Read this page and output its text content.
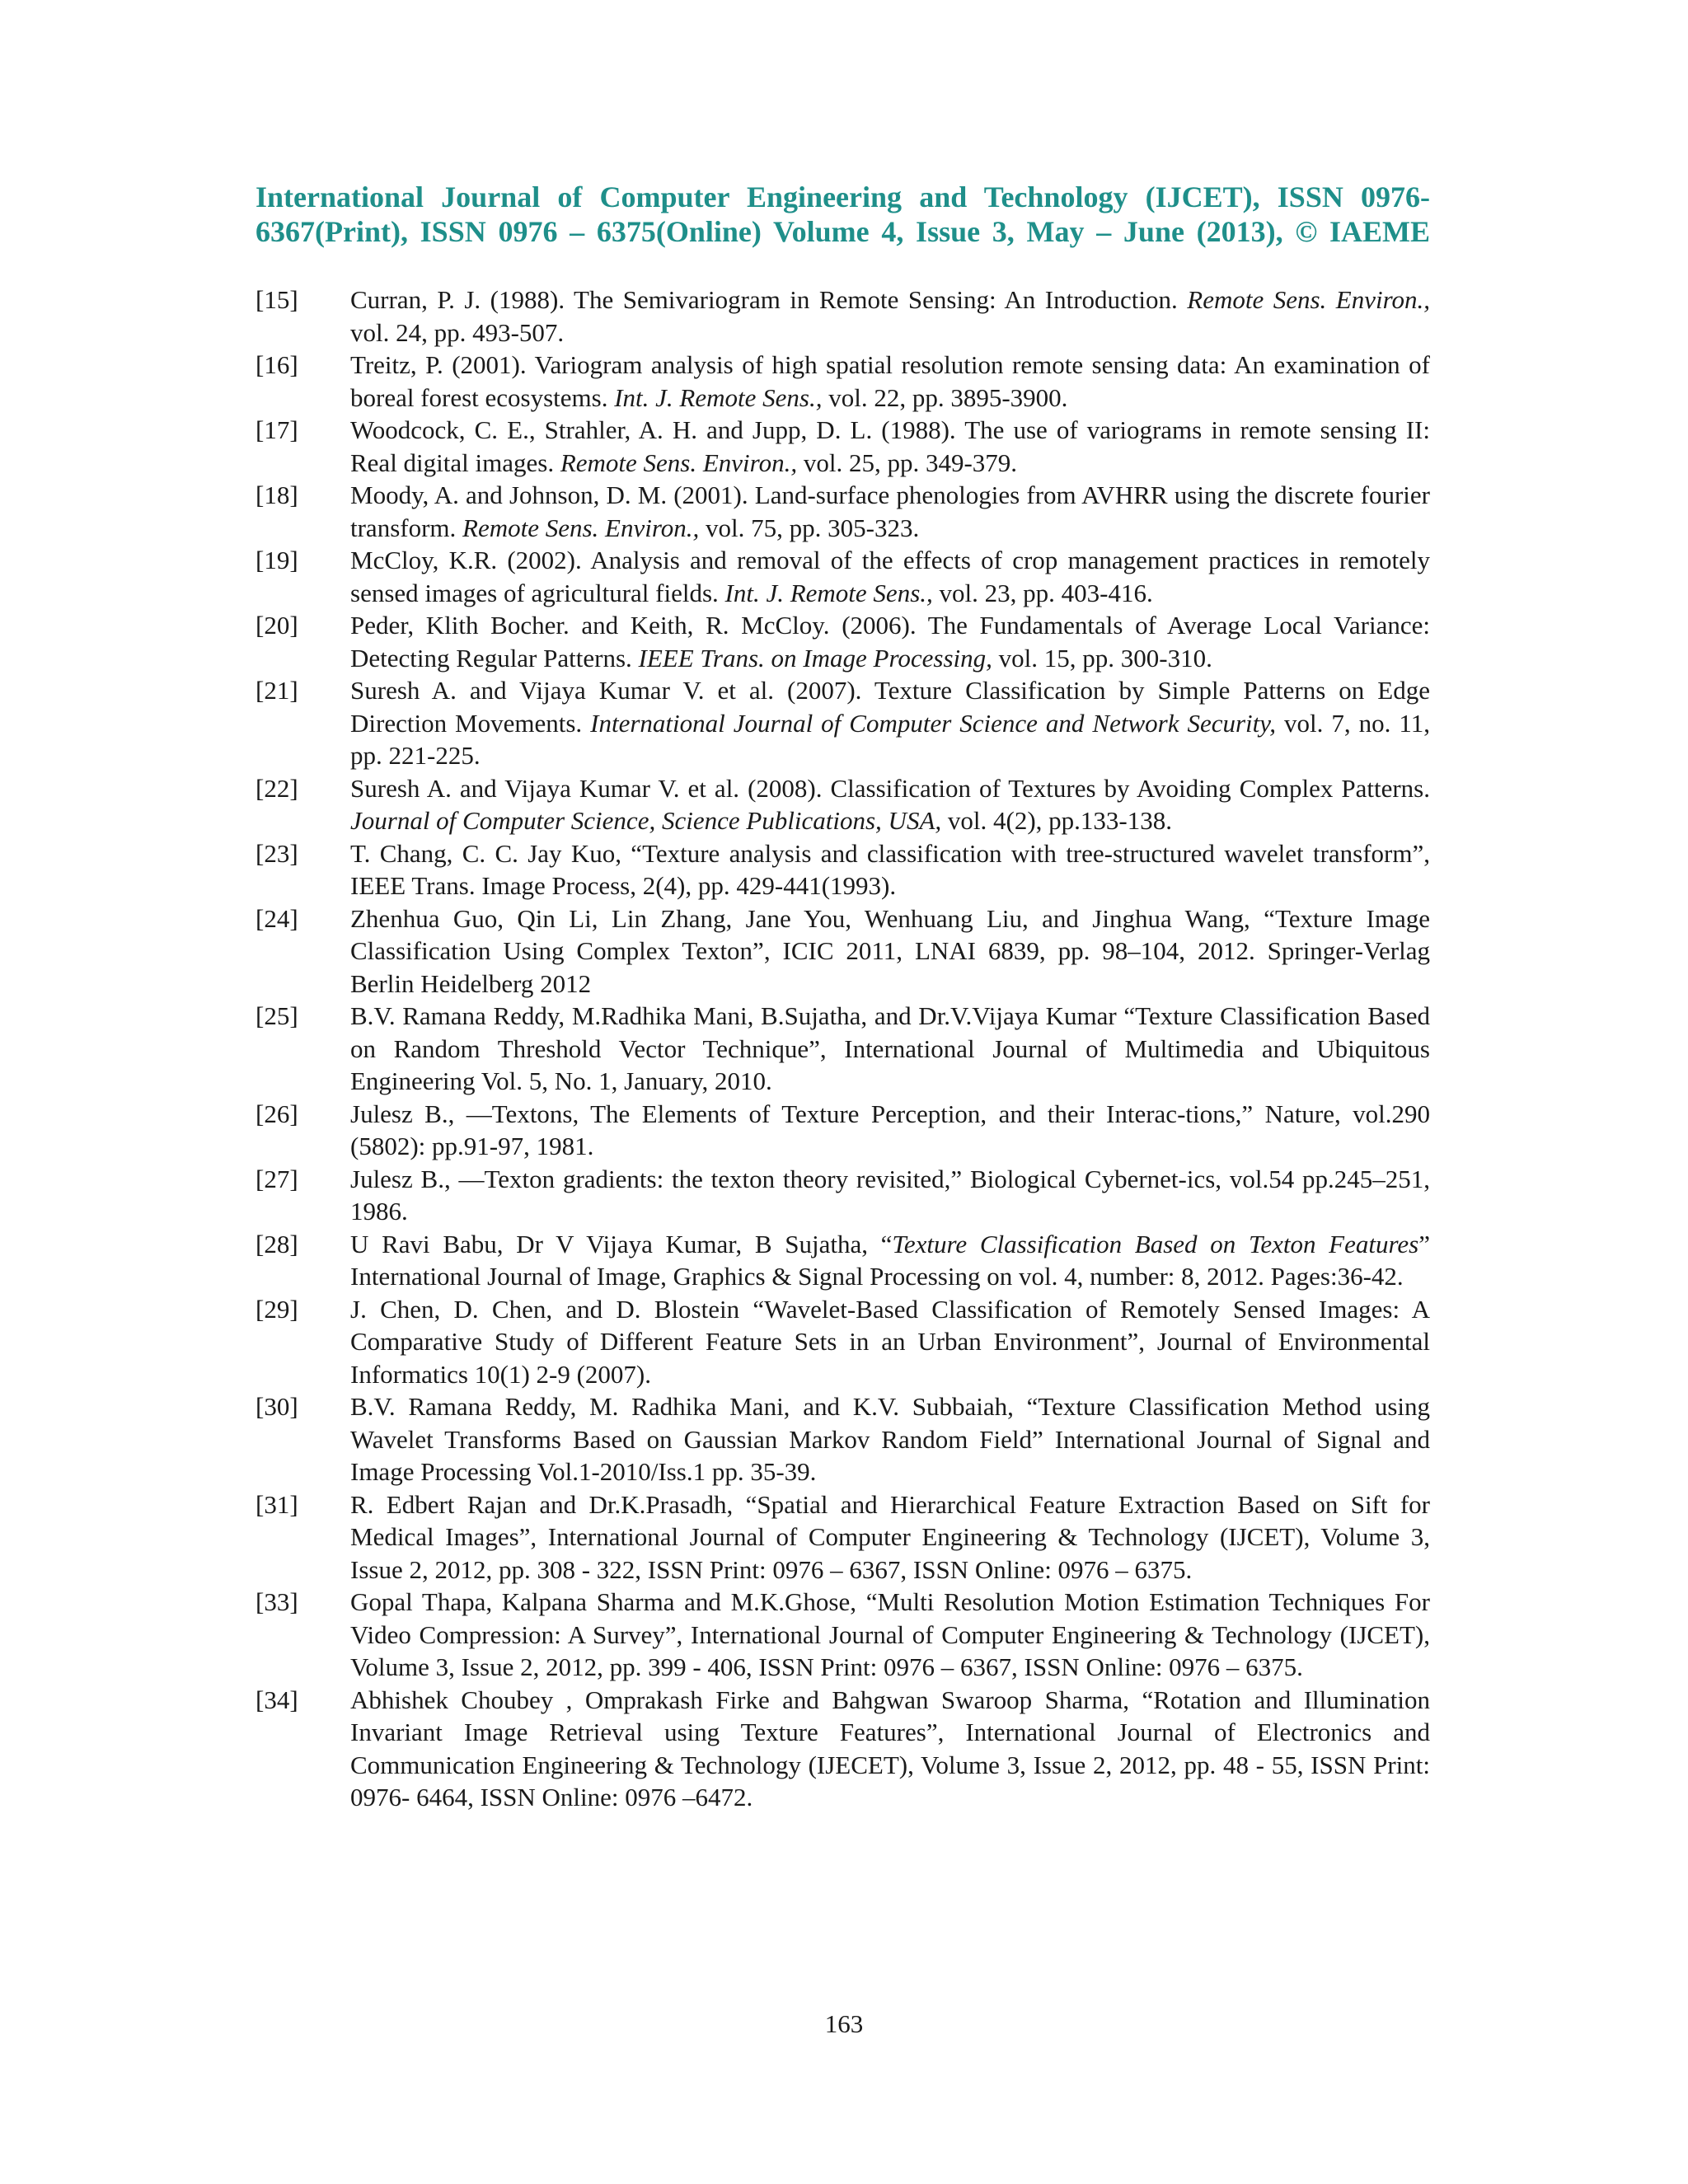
International Journal of Computer Engineering and Technology (IJCET), ISSN 0976-6367(Print), ISSN 0976 – 6375(Online) Volume 4, Issue 3, May – June (2013), © IAEME

[15]	Curran, P. J. (1988). The Semivariogram in Remote Sensing: An Introduction. Remote Sens. Environ., vol. 24, pp. 493-507.

[16]	Treitz, P. (2001). Variogram analysis of high spatial resolution remote sensing data: An examination of boreal forest ecosystems. Int. J. Remote Sens., vol. 22, pp. 3895-3900.

[17]	Woodcock, C. E., Strahler, A. H. and Jupp, D. L. (1988). The use of variograms in remote sensing II: Real digital images. Remote Sens. Environ., vol. 25, pp. 349-379.

[18]	Moody, A. and Johnson, D. M. (2001). Land-surface phenologies from AVHRR using the discrete fourier transform. Remote Sens. Environ., vol. 75, pp. 305-323.

[19]	McCloy, K.R. (2002). Analysis and removal of the effects of crop management practices in remotely sensed images of agricultural fields. Int. J. Remote Sens., vol. 23, pp. 403-416.

[20]	Peder, Klith Bocher. and Keith, R. McCloy. (2006). The Fundamentals of Average Local Variance: Detecting Regular Patterns. IEEE Trans. on Image Processing, vol. 15, pp. 300-310.

[21]	Suresh A. and Vijaya Kumar V. et al. (2007). Texture Classification by Simple Patterns on Edge Direction Movements. International Journal of Computer Science and Network Security, vol. 7, no. 11, pp. 221-225.

[22]	Suresh A. and Vijaya Kumar V. et al. (2008). Classification of Textures by Avoiding Complex Patterns. Journal of Computer Science, Science Publications, USA, vol. 4(2), pp.133-138.

[23]	T. Chang, C. C. Jay Kuo, “Texture analysis and classification with tree-structured wavelet transform”, IEEE Trans. Image Process, 2(4), pp. 429-441(1993).

[24]	Zhenhua Guo, Qin Li, Lin Zhang, Jane You, Wenhuang Liu, and Jinghua Wang, “Texture Image Classification Using Complex Texton”, ICIC 2011, LNAI 6839, pp. 98–104, 2012. Springer-Verlag Berlin Heidelberg 2012

[25]	B.V. Ramana Reddy, M.Radhika Mani, B.Sujatha, and Dr.V.Vijaya Kumar “Texture Classification Based on Random Threshold Vector Technique”, International Journal of Multimedia and Ubiquitous Engineering Vol. 5, No. 1, January, 2010.

[26]	Julesz B., ―Textons, The Elements of Texture Perception, and their Interac-tions,” Nature, vol.290 (5802): pp.91-97, 1981.

[27]	Julesz B., ―Texton gradients: the texton theory revisited,” Biological Cybernet-ics, vol.54 pp.245–251, 1986.

[28]	U Ravi Babu, Dr V Vijaya Kumar, B Sujatha, “Texture Classification Based on Texton Features” International Journal of Image, Graphics & Signal Processing on vol. 4, number: 8, 2012. Pages:36-42.

[29]	J. Chen, D. Chen, and D. Blostein “Wavelet-Based Classification of Remotely Sensed Images: A Comparative Study of Different Feature Sets in an Urban Environment”, Journal of Environmental Informatics 10(1) 2-9 (2007).

[30]	B.V. Ramana Reddy, M. Radhika Mani, and K.V. Subbaiah, “Texture Classification Method using Wavelet Transforms Based on Gaussian Markov Random Field” International Journal of Signal and Image Processing Vol.1-2010/Iss.1 pp. 35-39.

[31]	R. Edbert Rajan and Dr.K.Prasadh, “Spatial and Hierarchical Feature Extraction Based on Sift for Medical Images”, International Journal of Computer Engineering & Technology (IJCET), Volume 3, Issue 2, 2012, pp. 308 - 322, ISSN Print: 0976 – 6367, ISSN Online: 0976 – 6375.

[33]	Gopal Thapa, Kalpana Sharma and M.K.Ghose, “Multi Resolution Motion Estimation Techniques For Video Compression: A Survey”, International Journal of Computer Engineering & Technology (IJCET), Volume 3, Issue 2, 2012, pp. 399 - 406, ISSN Print: 0976 – 6367, ISSN Online: 0976 – 6375.

[34]	Abhishek Choubey , Omprakash Firke and Bahgwan Swaroop Sharma, “Rotation and Illumination Invariant Image Retrieval using Texture Features”, International Journal of Electronics and Communication Engineering & Technology (IJECET), Volume 3, Issue 2, 2012, pp. 48 - 55, ISSN Print: 0976- 6464, ISSN Online: 0976 –6472.

163
